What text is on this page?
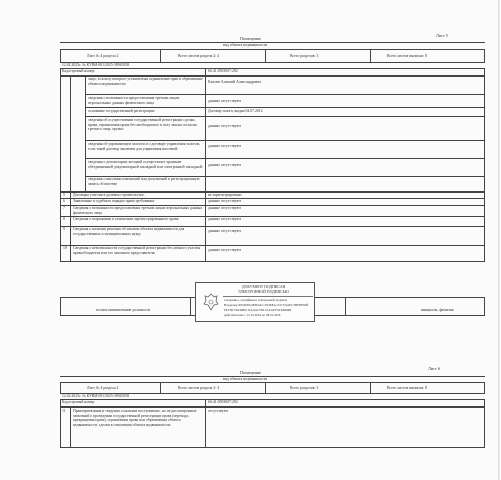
Лист 5
Помещение
вид объекта недвижимости
Лист № 4 раздела 2	Всего листов раздела 2: 4	Всего разделов: 3	Всего листов выписки: 8
12.02.2025г. № КУВИ-001/2025-38940358
Кадастровый номер:	66:41:0503007:282
лицо, в пользу которого установлены ограничение прав и обременение объекта недвижимости:	Ежелев Алмазий Александрович
сведения о возможности предоставления третьим лицам персональных данных физического лица	данные отсутствуют
основание государственной регистрации:	Договор залога, выдан 04.07.2012
сведения об осуществлении государственной регистрации сделки, права, ограничения права без необходимого в силу закона согласия третьего лица, органа:
данные отсутствуют
сведения об управляющем залогом и о договоре управления залогом, если такой договор заключен для управления ипотекой:
данные отсутствуют
сведения о депозитарии, который осуществляет хранение обездвиженной документарной закладной или электронной закладной: данные отсутствуют
сведения о внесении изменений или дополнений в регистрационную запись об ипотеке
5 Договоры участия в долевом строительстве:	не зарегистрировано
6 Заявленные в судебном порядке права требования:	данные отсутствуют
7 Сведения о возможности предоставления третьим лицам персональных данных физического лица
данные отсутствуют
8 Сведения о возражении в отношении зарегистрированного права:	данные отсутствуют
9 Сведения о наличии решения об изъятии объекта недвижимости для государственных и муниципальных нужд:
данные отсутствуют
10 Сведения о невозможности государственной регистрации без личного участия правообладателя или его законного представителя:
данные отсутствуют
полное наименование должности	инициалы, фамилия
ДОКУМЕНТ ПОДПИСАН
ЭЛЕКТРОННОЙ ПОДПИСЬЮ
Сведения о сертификате электронной подписи
Владелец: ФЕДЕРАЛЬНАЯ СЛУЖБА ГОСУДАРСТВЕННОЙ
РЕГИСТРАЦИИ, КАДАСТРА И КАРТОГРАФИИ
Действителен: с 15.10.2024 по 08.01.2026
Лист 6
Помещение
вид объекта недвижимости
Лист № 4 раздела 2	Всего листов раздела 2: 4	Всего разделов: 3	Всего листов выписки: 8
12.02.2025г. № КУВИ-001/2025-38940358
Кадастровый номер:	66:41:0503007:282
11 Правопритязания и сведения о наличии поступивших, но не рассмотренных заявлений о проведении государственной регистрации права (перехода, прекращения права), ограничения права или обременения объекта недвижимости, сделки в отношении объекта недвижимости:
отсутствуют
